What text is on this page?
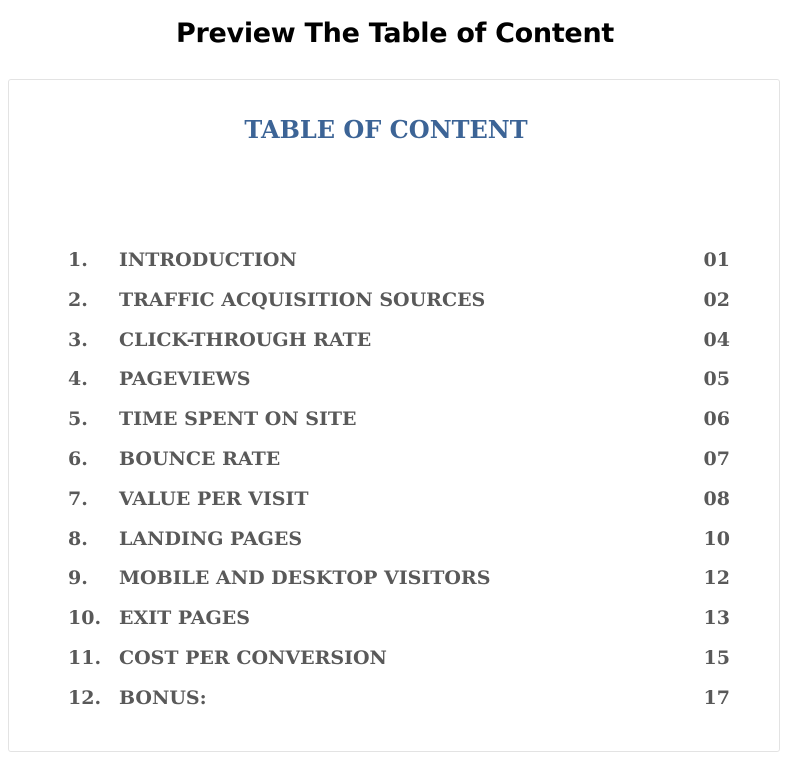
Preview The Table of Content
TABLE OF CONTENT
1. INTRODUCTION	01
2. TRAFFIC ACQUISITION SOURCES	02
3. CLICK-THROUGH RATE	04
4. PAGEVIEWS	05
5. TIME SPENT ON SITE	06
6. BOUNCE RATE	07
7. VALUE PER VISIT	08
8. LANDING PAGES	10
9. MOBILE AND DESKTOP VISITORS	12
10. EXIT PAGES	13
11. COST PER CONVERSION	15
12. BONUS:	17
